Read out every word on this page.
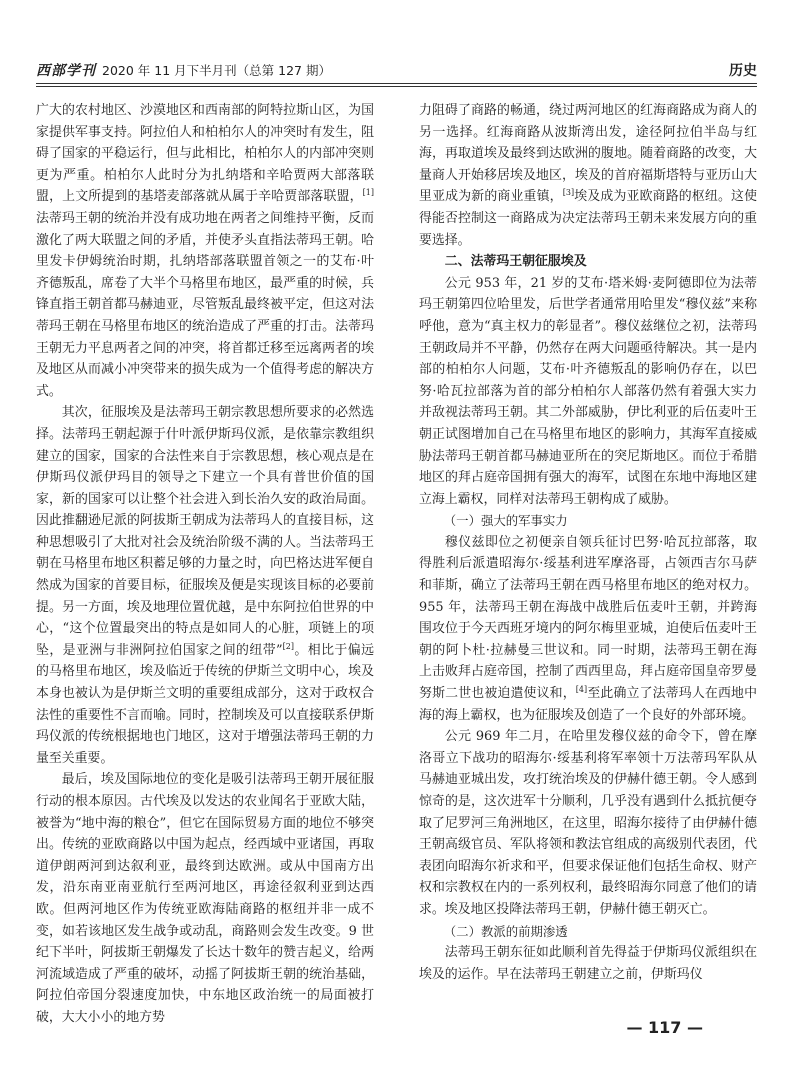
西部学刊 2020 年 11 月下半月刊（总第 127 期）	历史

广大的农村地区、沙漠地区和西南部的阿特拉斯山区，为国家提供军事支持。阿拉伯人和柏柏尔人的冲突时有发生，阻碍了国家的平稳运行，但与此相比，柏柏尔人的内部冲突则更为严重。柏柏尔人此时分为扎纳塔和辛哈贾两大部落联盟，上文所提到的基塔麦部落就从属于辛哈贾部落联盟，[1]法蒂玛王朝的统治并没有成功地在两者之间维持平衡，反而激化了两大联盟之间的矛盾，并使矛头直指法蒂玛王朝。哈里发卡伊姆统治时期，扎纳塔部落联盟首领之一的艾布·叶齐德叛乱，席卷了大半个马格里布地区，最严重的时候，兵锋直指王朝首都马赫迪亚，尽管叛乱最终被平定，但这对法蒂玛王朝在马格里布地区的统治造成了严重的打击。法蒂玛王朝无力平息两者之间的冲突，将首都迁移至远离两者的埃及地区从而减小冲突带来的损失成为一个值得考虑的解决方式。

其次，征服埃及是法蒂玛王朝宗教思想所要求的必然选择。法蒂玛王朝起源于什叶派伊斯玛仪派，是依靠宗教组织建立的国家，国家的合法性来自于宗教思想，核心观点是在伊斯玛仪派伊玛目的领导之下建立一个具有普世价值的国家，新的国家可以让整个社会进入到长治久安的政治局面。因此推翻逊尼派的阿拔斯王朝成为法蒂玛人的直接目标，这种思想吸引了大批对社会及统治阶级不满的人。当法蒂玛王朝在马格里布地区积蓄足够的力量之时，向巴格达进军便自然成为国家的首要目标，征服埃及便是实现该目标的必要前提。另一方面，埃及地理位置优越，是中东阿拉伯世界的中心，“这个位置最突出的特点是如同人的心脏，项链上的项坠，是亚洲与非洲阿拉伯国家之间的纽带”[2]。相比于偏远的马格里布地区，埃及临近于传统的伊斯兰文明中心，埃及本身也被认为是伊斯兰文明的重要组成部分，这对于政权合法性的重要性不言而喻。同时，控制埃及可以直接联系伊斯玛仪派的传统根据地也门地区，这对于增强法蒂玛王朝的力量至关重要。

最后，埃及国际地位的变化是吸引法蒂玛王朝开展征服行动的根本原因。古代埃及以发达的农业闻名于亚欧大陆，被誉为“地中海的粮仓”，但它在国际贸易方面的地位不够突出。传统的亚欧商路以中国为起点，经西域中亚诸国，再取道伊朗两河到达叙利亚，最终到达欧洲。或从中国南方出发，沿东南亚南亚航行至两河地区，再途径叙利亚到达西欧。但两河地区作为传统亚欧海陆商路的枢纽并非一成不变，如若该地区发生战争或动乱，商路则会发生改变。9 世纪下半叶，阿拔斯王朝爆发了长达十数年的赞吉起义，给两河流域造成了严重的破坏，动摇了阿拔斯王朝的统治基础，阿拉伯帝国分裂速度加快，中东地区政治统一的局面被打破，大大小小的地方势

力阻碍了商路的畅通，绕过两河地区的红海商路成为商人的另一选择。红海商路从波斯湾出发，途径阿拉伯半岛与红海，再取道埃及最终到达欧洲的腹地。随着商路的改变，大量商人开始移居埃及地区，埃及的首府福斯塔特与亚历山大里亚成为新的商业重镇，[3]埃及成为亚欧商路的枢纽。这使得能否控制这一商路成为决定法蒂玛王朝未来发展方向的重要选择。

二、法蒂玛王朝征服埃及

公元 953 年，21 岁的艾布·塔米姆·麦阿德即位为法蒂玛王朝第四位哈里发，后世学者通常用哈里发“穆仪兹”来称呼他，意为“真主权力的彰显者”。穆仪兹继位之初，法蒂玛王朝政局并不平静，仍然存在两大问题亟待解决。其一是内部的柏柏尔人问题，艾布·叶齐德叛乱的影响仍存在，以巴努·哈瓦拉部落为首的部分柏柏尔人部落仍然有着强大实力并敌视法蒂玛王朝。其二外部威胁，伊比利亚的后伍麦叶王朝正试图增加自己在马格里布地区的影响力，其海军直接威胁法蒂玛王朝首都马赫迪亚所在的突尼斯地区。而位于希腊地区的拜占庭帝国拥有强大的海军，试图在东地中海地区建立海上霸权，同样对法蒂玛王朝构成了威胁。

（一）强大的军事实力

穆仪兹即位之初便亲自领兵征讨巴努·哈瓦拉部落，取得胜利后派遣昭海尔·绥基利进军摩洛哥，占领西吉尔马萨和菲斯，确立了法蒂玛王朝在西马格里布地区的绝对权力。955 年，法蒂玛王朝在海战中战胜后伍麦叶王朝，并跨海围攻位于今天西班牙境内的阿尔梅里亚城，迫使后伍麦叶王朝的阿卜杜·拉赫曼三世议和。同一时期，法蒂玛王朝在海上击败拜占庭帝国，控制了西西里岛，拜占庭帝国皇帝罗曼努斯二世也被迫遣使议和，[4]至此确立了法蒂玛人在西地中海的海上霸权，也为征服埃及创造了一个良好的外部环境。

公元 969 年二月，在哈里发穆仪兹的命令下，曾在摩洛哥立下战功的昭海尔·绥基利将军率领十万法蒂玛军队从马赫迪亚城出发，攻打统治埃及的伊赫什德王朝。令人感到惊奇的是，这次进军十分顺利，几乎没有遇到什么抵抗便夺取了尼罗河三角洲地区，在这里，昭海尔接待了由伊赫什德王朝高级官员、军队将领和教法官组成的高级别代表团，代表团向昭海尔祈求和平，但要求保证他们包括生命权、财产权和宗教权在内的一系列权利，最终昭海尔同意了他们的请求。埃及地区投降法蒂玛王朝，伊赫什德王朝灭亡。

（二）教派的前期渗透

法蒂玛王朝东征如此顺利首先得益于伊斯玛仪派组织在埃及的运作。早在法蒂玛王朝建立之前，伊斯玛仪

— 117 —
